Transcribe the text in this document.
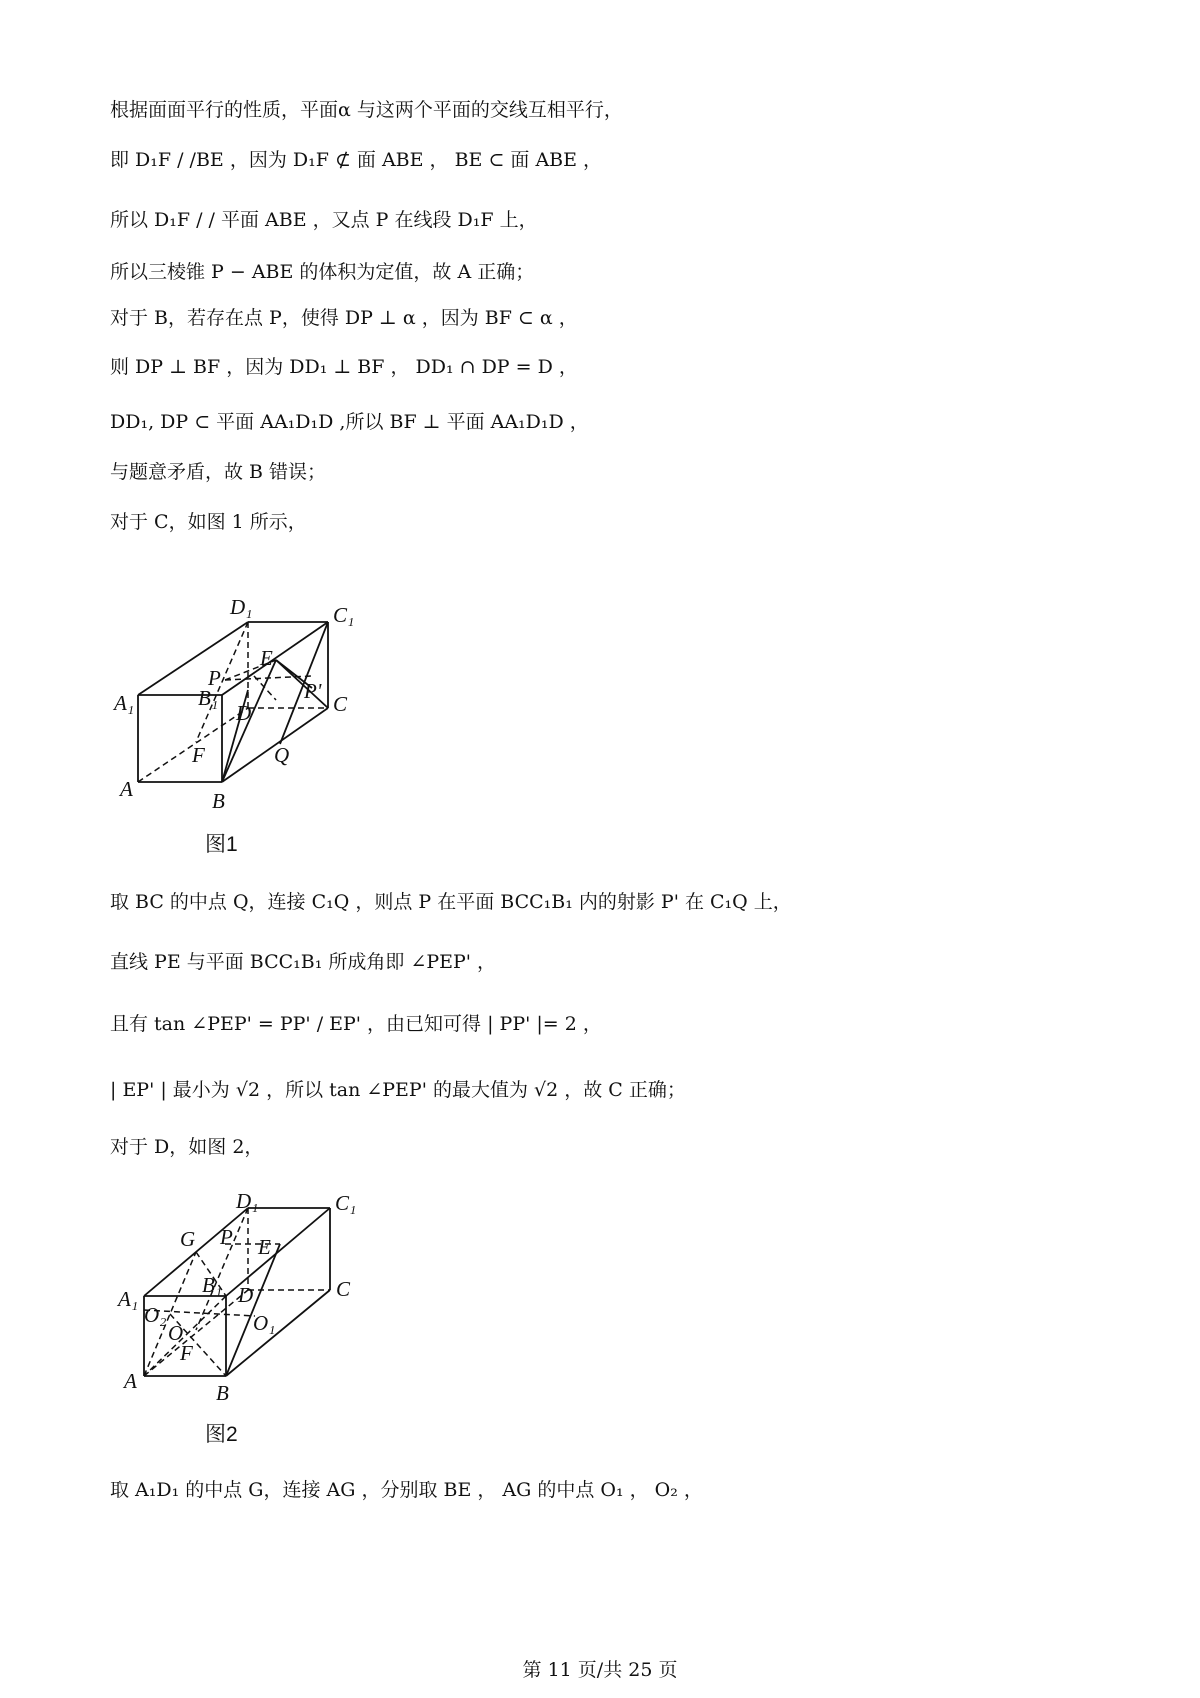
根据面面平行的性质，平面α 与这两个平面的交线互相平行，
即 D₁F / /BE ，因为 D₁F ⊄ 面 ABE ， BE ⊂ 面 ABE ，
所以 D₁F / / 平面 ABE ，又点 P 在线段 D₁F 上，
所以三棱锥 P − ABE 的体积为定值，故 A 正确；
对于 B，若存在点 P，使得 DP ⊥ α ，因为 BF ⊂ α ，
则 DP ⊥ BF ，因为 DD₁ ⊥ BF ， DD₁ ∩ DP = D ，
DD₁, DP ⊂ 平面 AA₁D₁D ,所以 BF ⊥ 平面 AA₁D₁D ，
与题意矛盾，故 B 错误；
对于 C，如图 1 所示，
D₁	C₁
E
P
P'
A₁	B₁	C
D
F	Q
A	B
图1
取 BC 的中点 Q，连接 C₁Q ，则点 P 在平面 BCC₁B₁ 内的射影 P' 在 C₁Q 上，
直线 PE 与平面 BCC₁B₁ 所成角即 ∠PEP' ，
且有 tan ∠PEP' = PP' / EP' ，由已知可得 | PP' |= 2 ，
| EP' | 最小为 √2 ，所以 tan ∠PEP' 的最大值为 √2 ，故 C 正确；
对于 D，如图 2，
G P
D₁	C₁
E
A₁
B₁ D	C
O₂
O	O₁
F
A	B
图2
取 A₁D₁ 的中点 G，连接 AG ，分别取 BE ， AG 的中点 O₁ ， O₂ ，
第 11 页/共 25 页
